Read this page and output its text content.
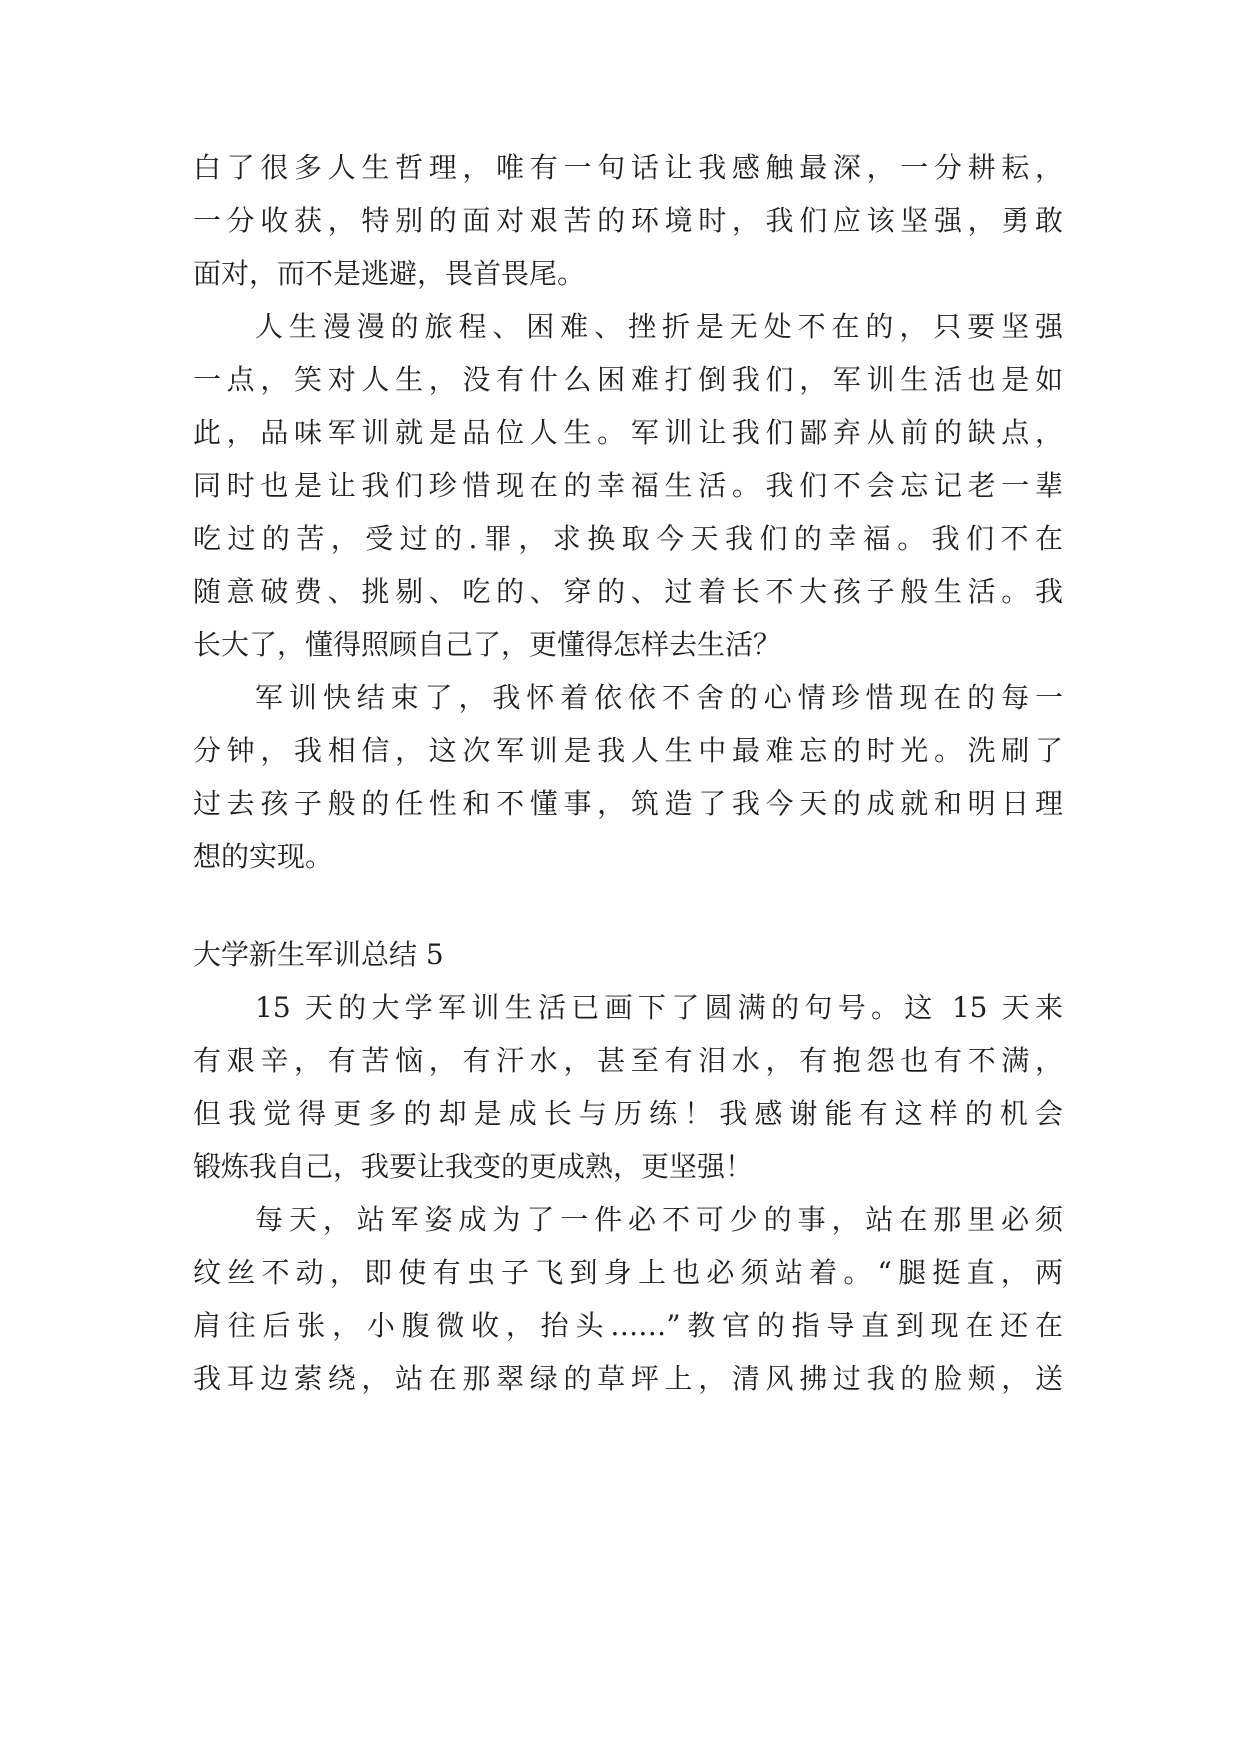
白了很多人生哲理，唯有一句话让我感触最深，一分耕耘，
一分收获，特别的面对艰苦的环境时，我们应该坚强，勇敢
面对，而不是逃避，畏首畏尾。
人生漫漫的旅程、困难、挫折是无处不在的，只要坚强
一点，笑对人生，没有什么困难打倒我们，军训生活也是如
此，品味军训就是品位人生。军训让我们鄙弃从前的缺点，
同时也是让我们珍惜现在的幸福生活。我们不会忘记老一辈
吃过的苦，受过的.罪，求换取今天我们的幸福。我们不在
随意破费、挑剔、吃的、穿的、过着长不大孩子般生活。我
长大了，懂得照顾自己了，更懂得怎样去生活？
军训快结束了，我怀着依依不舍的心情珍惜现在的每一
分钟，我相信，这次军训是我人生中最难忘的时光。洗刷了
过去孩子般的任性和不懂事，筑造了我今天的成就和明日理
想的实现。
大学新生军训总结 5
15 天的大学军训生活已画下了圆满的句号。这 15 天来
有艰辛，有苦恼，有汗水，甚至有泪水，有抱怨也有不满，
但我觉得更多的却是成长与历练！我感谢能有这样的机会
锻炼我自己，我要让我变的更成熟，更坚强！
每天，站军姿成为了一件必不可少的事，站在那里必须
纹丝不动，即使有虫子飞到身上也必须站着。“腿挺直，两
肩往后张，小腹微收，抬头……”教官的指导直到现在还在
我耳边萦绕，站在那翠绿的草坪上，清风拂过我的脸颊，送
